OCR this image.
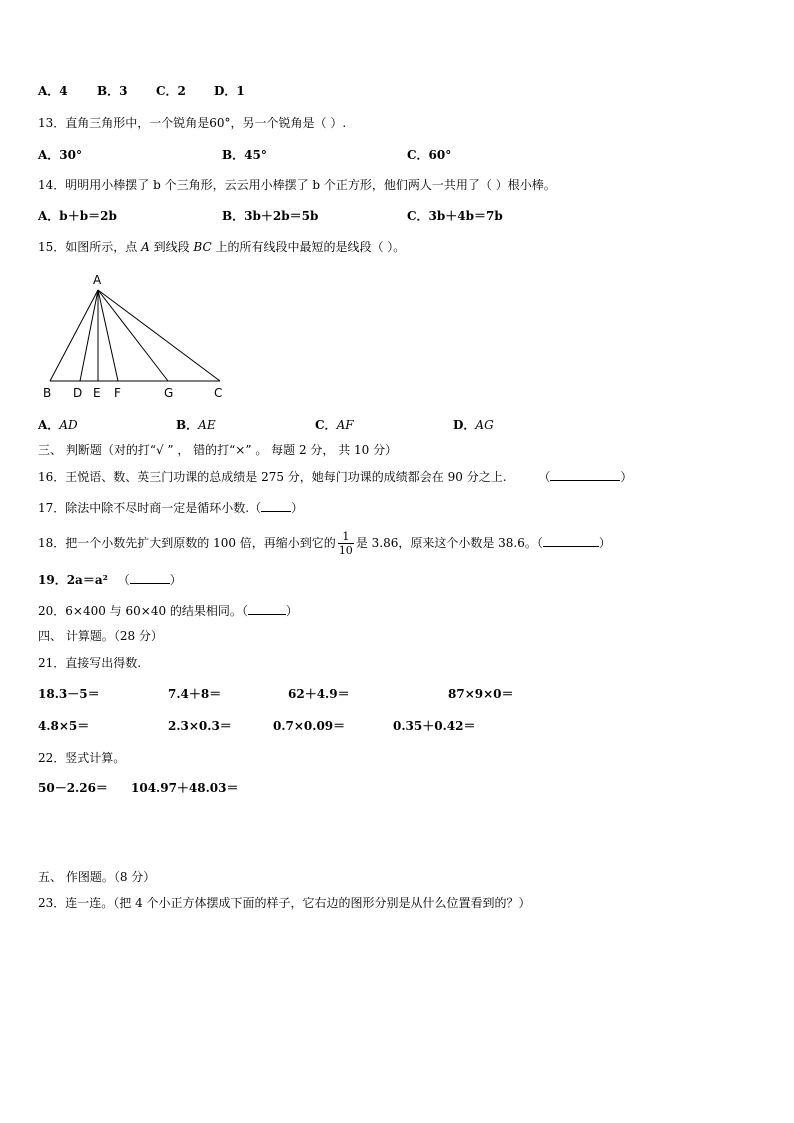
A．4 B．3 C．2 D．1
13．直角三角形中，一个锐角是60°，另一个锐角是（ ）.
A．30°	B．45°	C．60°
14．明明用小棒摆了 b 个三角形，云云用小棒摆了 b 个正方形，他们两人一共用了（ ）根小棒。
A．b＋b＝2b	B．3b＋2b＝5b	C．3b＋4b＝7b
15．如图所示，点 A 到线段 BC 上的所有线段中最短的是线段（ ）。
A
B D E F	G	C
A．AD	B．AE	C．AF	D．AG
三、 判断题（对的打“√ ” ， 错的打“×” 。 每题 2 分， 共 10 分）
16．王悦语、数、英三门功课的总成绩是 275 分，她每门功课的成绩都会在 90 分之上.	（	）
17．除法中除不尽时商一定是循环小数.（	）
18．把一个小数先扩大到原数的 100 倍，再缩小到它的 $\frac{1}{10}$ 是 3.86，原来这个小数是 38.6。（	）
19．2a＝a² （	）
20．6×400 与 60×40 的结果相同。（	）
四、 计算题。（28 分）
21．直接写出得数.
18.3－5＝	7.4＋8＝	62＋4.9＝	87×9×0＝
4.8×5＝	2.3×0.3＝	0.7×0.09＝	0.35＋0.42＝
22．竖式计算。
50－2.26＝ 104.97＋48.03＝
五、 作图题。（8 分）
23．连一连。（把 4 个小正方体摆成下面的样子，它右边的图形分别是从什么位置看到的？）
